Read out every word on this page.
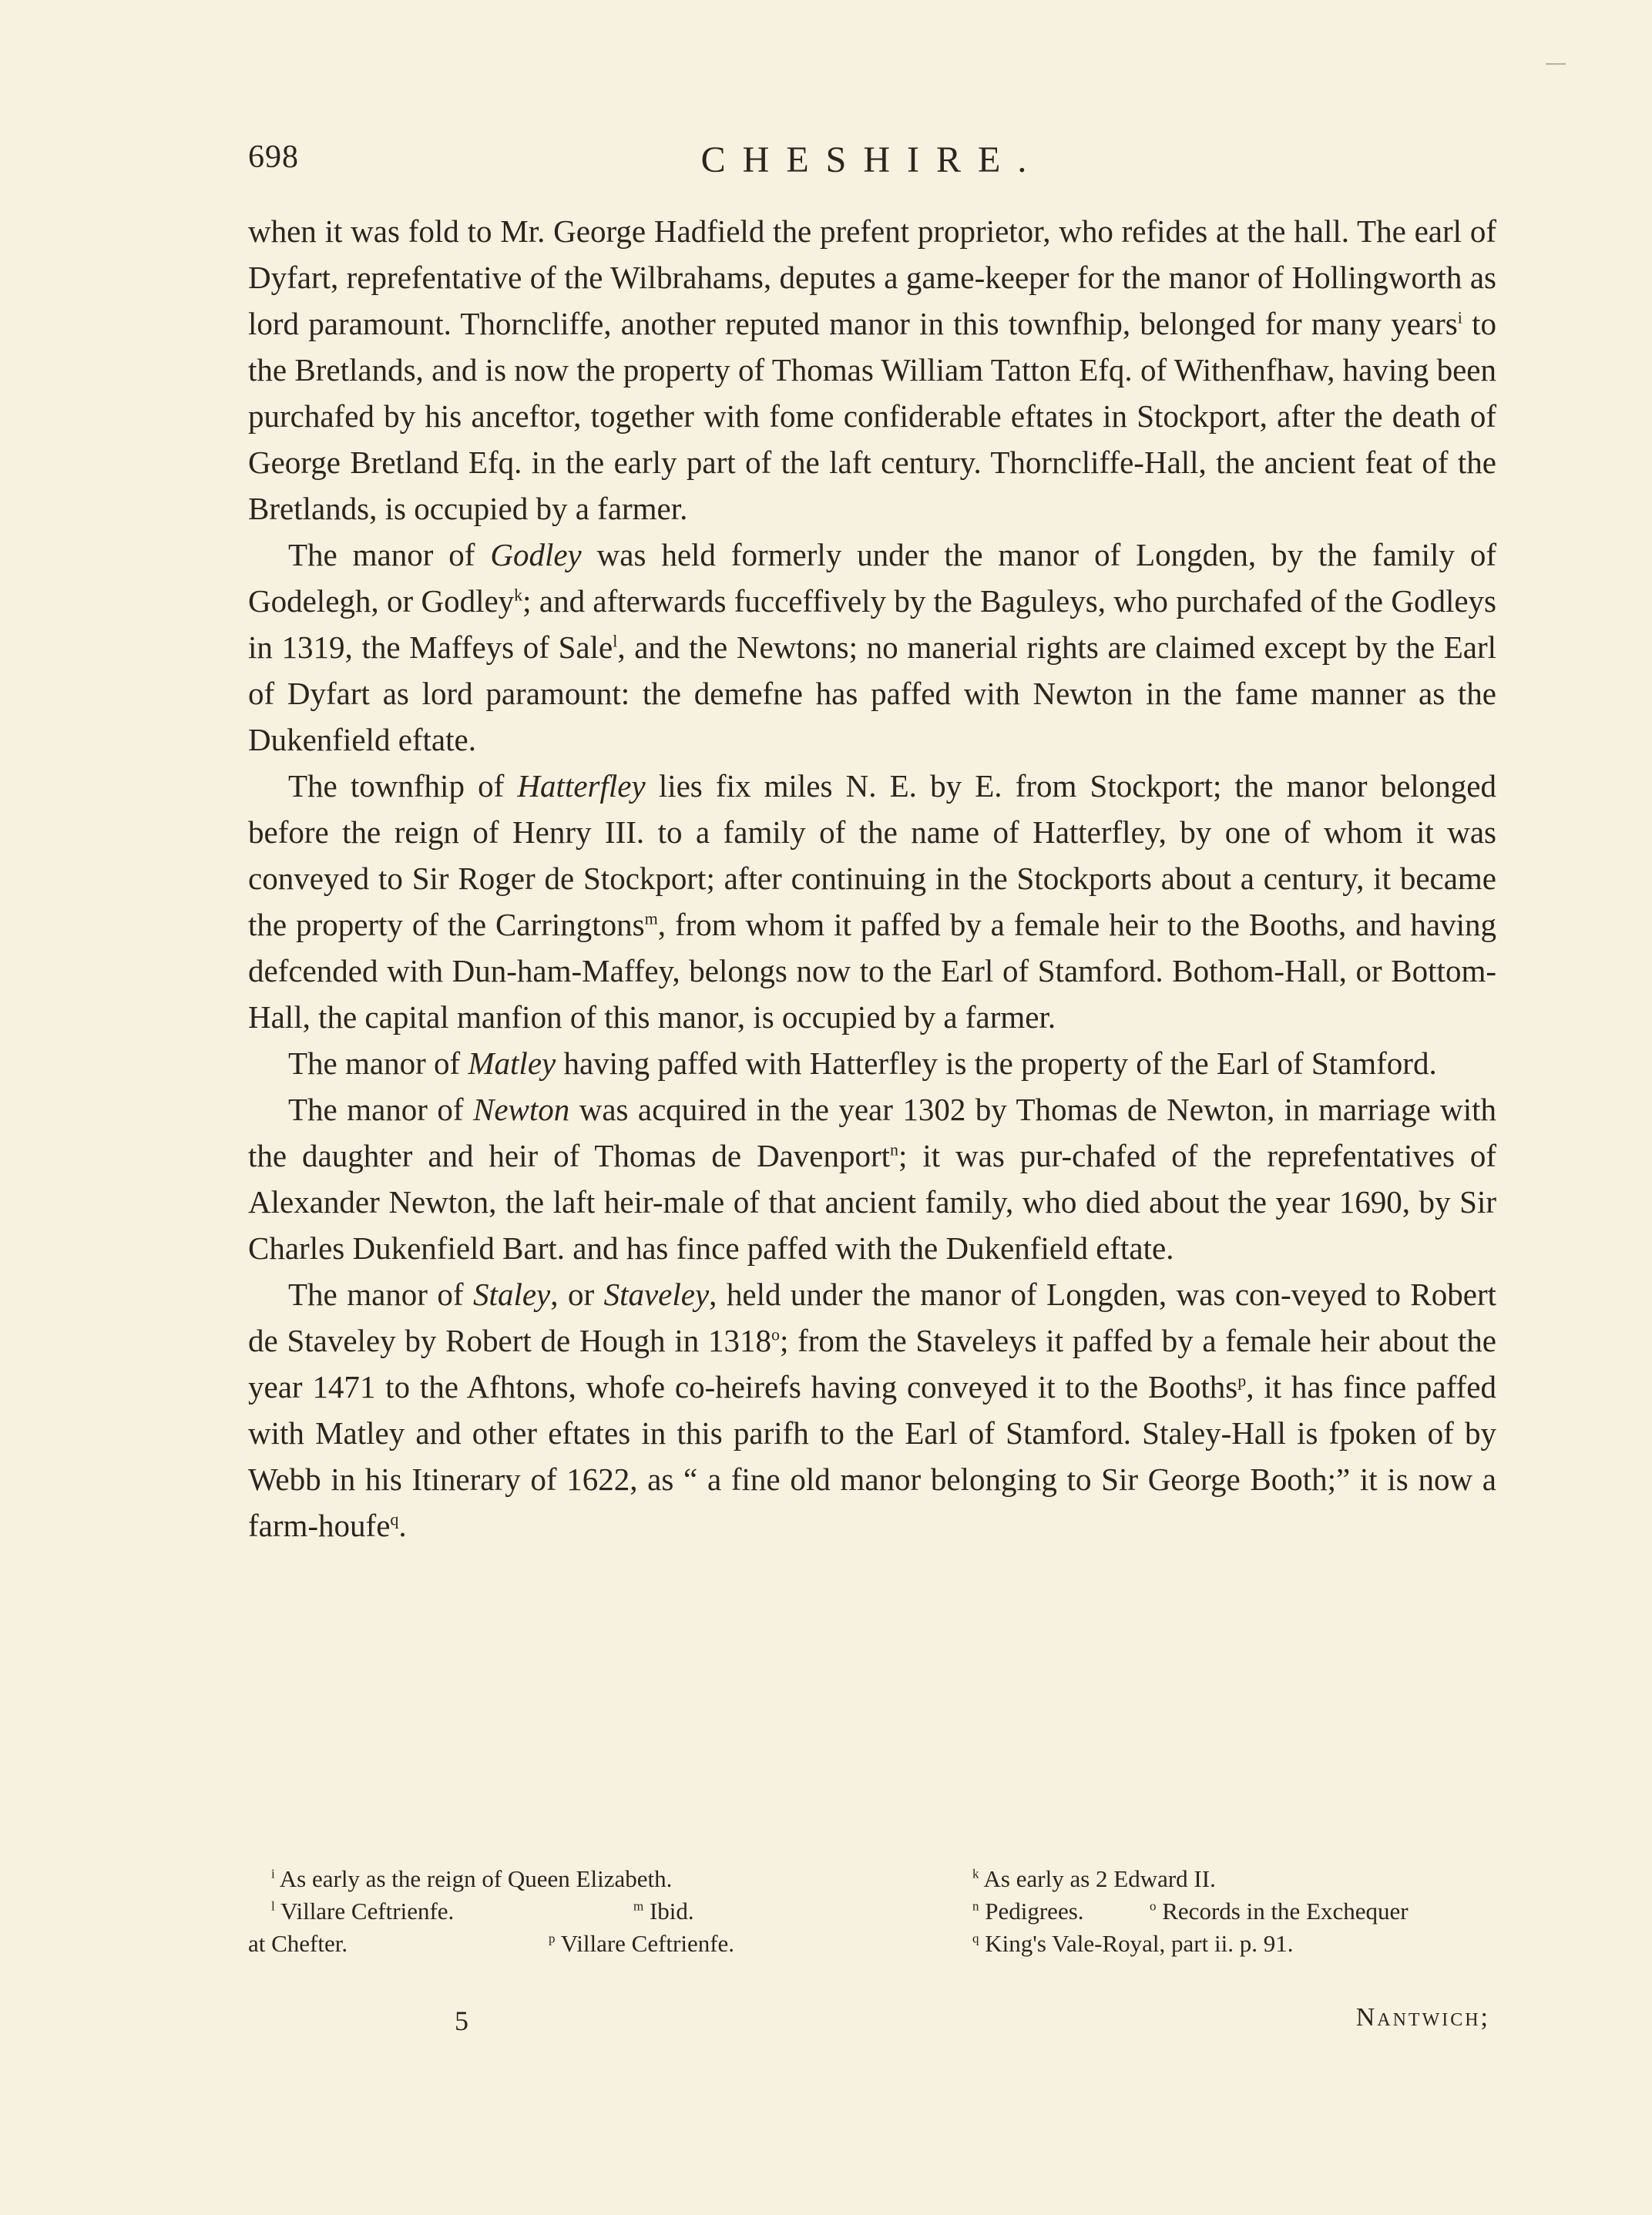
CHESHIRE.
698

when it was fold to Mr. George Hadfield the prefent proprietor, who refides at the hall. The earl of Dyfart, reprefentative of the Wilbrahams, deputes a game-keeper for the manor of Hollingworth as lord paramount. Thorncliffe, another reputed manor in this townfhip, belonged for many years$^i$ to the Bretlands, and is now the property of Thomas William Tatton Efq. of Withenfhaw, having been purchafed by his anceftor, together with fome confiderable eftates in Stockport, after the death of George Bretland Efq. in the early part of the laft century. Thorncliffe-Hall, the ancient feat of the Bretlands, is occupied by a farmer.

The manor of Godley was held formerly under the manor of Longden, by the family of Godelegh, or Godley$^k$; and afterwards fucceffively by the Baguleys, who purchafed of the Godleys in 1319, the Maffeys of Sale$^l$, and the Newtons; no manerial rights are claimed except by the Earl of Dyfart as lord paramount: the demefne has paffed with Newton in the fame manner as the Dukenfield eftate.

The townfhip of Hatterfley lies fix miles N. E. by E. from Stockport; the manor belonged before the reign of Henry III. to a family of the name of Hatterfley, by one of whom it was conveyed to Sir Roger de Stockport; after continuing in the Stockports about a century, it became the property of the Carringtons$^m$, from whom it paffed by a female heir to the Booths, and having defcended with Dun-ham-Maffey, belongs now to the Earl of Stamford. Bothom-Hall, or Bottom-Hall, the capital manfion of this manor, is occupied by a farmer.

The manor of Matley having paffed with Hatterfley is the property of the Earl of Stamford.

The manor of Newton was acquired in the year 1302 by Thomas de Newton, in marriage with the daughter and heir of Thomas de Davenport$^n$; it was pur-chafed of the reprefentatives of Alexander Newton, the laft heir-male of that ancient family, who died about the year 1690, by Sir Charles Dukenfield Bart. and has fince paffed with the Dukenfield eftate.

The manor of Staley, or Staveley, held under the manor of Longden, was con-veyed to Robert de Staveley by Robert de Hough in 1318$^o$; from the Staveleys it paffed by a female heir about the year 1471 to the Afhtons, whofe co-heirefs having conveyed it to the Booths$^p$, it has fince paffed with Matley and other eftates in this parifh to the Earl of Stamford. Staley-Hall is fpoken of by Webb in his Itinerary of 1622, as “ a fine old manor belonging to Sir George Booth;” it is now a farm-houfe$^q$.

$^i$ As early as the reign of Queen Elizabeth.	$^k$ As early as 2 Edward II.
$^l$ Villare Ceftrienfe.	$^m$ Ibid.	$^n$ Pedigrees.	$^o$ Records in the Exchequer
at Chefter.	$^p$ Villare Ceftrienfe.	$^q$ King's Vale-Royal, part ii. p. 91.
5	Nantwich;
